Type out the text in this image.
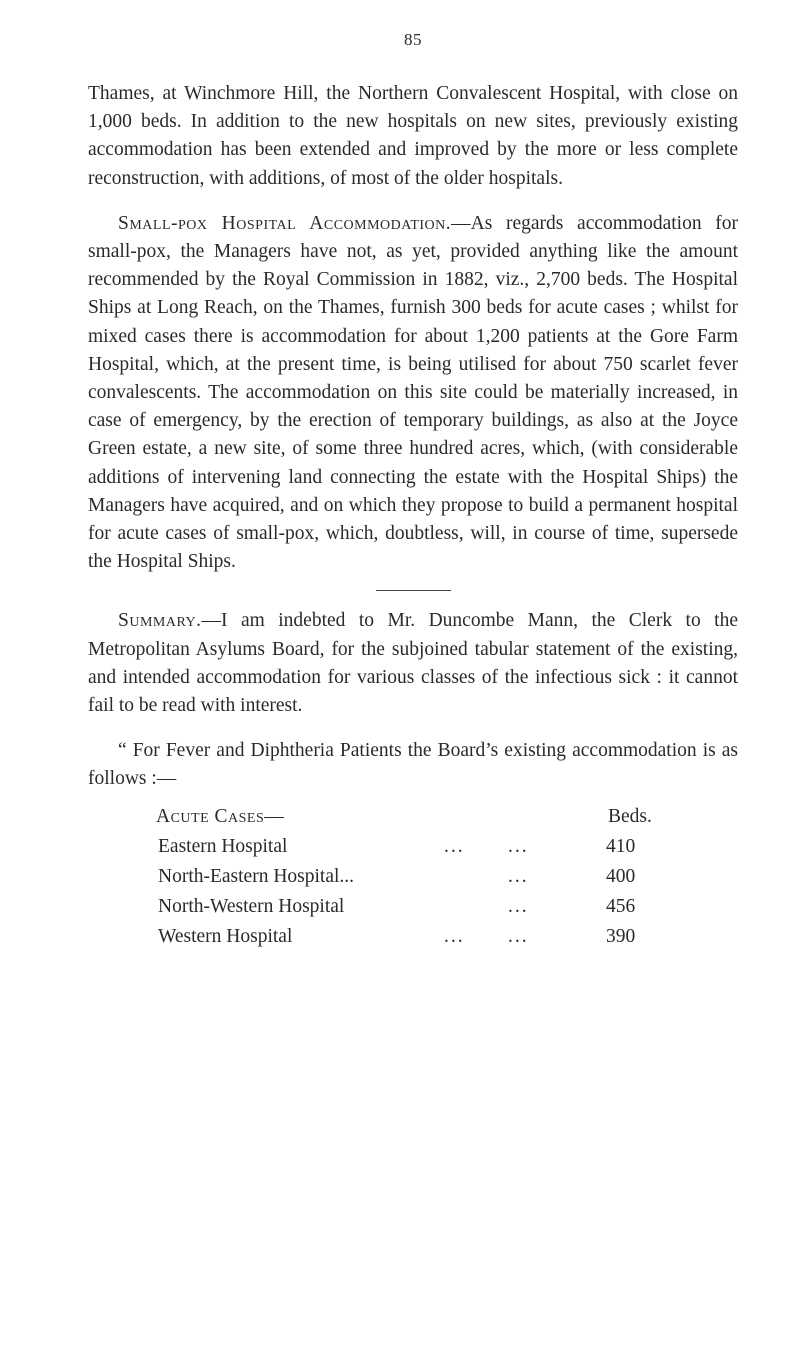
85

Thames, at Winchmore Hill, the Northern Convalescent Hospital, with close on 1,000 beds. In addition to the new hospitals on new sites, previously existing accommodation has been extended and improved by the more or less complete reconstruction, with additions, of most of the older hospitals.

Small-pox Hospital Accommodation.—As regards accommodation for small-pox, the Managers have not, as yet, provided anything like the amount recommended by the Royal Commission in 1882, viz., 2,700 beds. The Hospital Ships at Long Reach, on the Thames, furnish 300 beds for acute cases ; whilst for mixed cases there is accommodation for about 1,200 patients at the Gore Farm Hospital, which, at the present time, is being utilised for about 750 scarlet fever convalescents. The accommodation on this site could be materially increased, in case of emergency, by the erection of temporary buildings, as also at the Joyce Green estate, a new site, of some three hundred acres, which, (with considerable additions of intervening land connecting the estate with the Hospital Ships) the Managers have acquired, and on which they propose to build a permanent hospital for acute cases of small-pox, which, doubtless, will, in course of time, supersede the Hospital Ships.

Summary.—I am indebted to Mr. Duncombe Mann, the Clerk to the Metropolitan Asylums Board, for the subjoined tabular statement of the existing, and intended accommodation for various classes of the infectious sick : it cannot fail to be read with interest.

“ For Fever and Diphtheria Patients the Board’s existing accommodation is as follows :—

Acute Cases—	Beds.
Eastern Hospital	... ...	410
North-Eastern Hospital...	...	400
North-Western Hospital	...	456
Western Hospital	... ...	390
